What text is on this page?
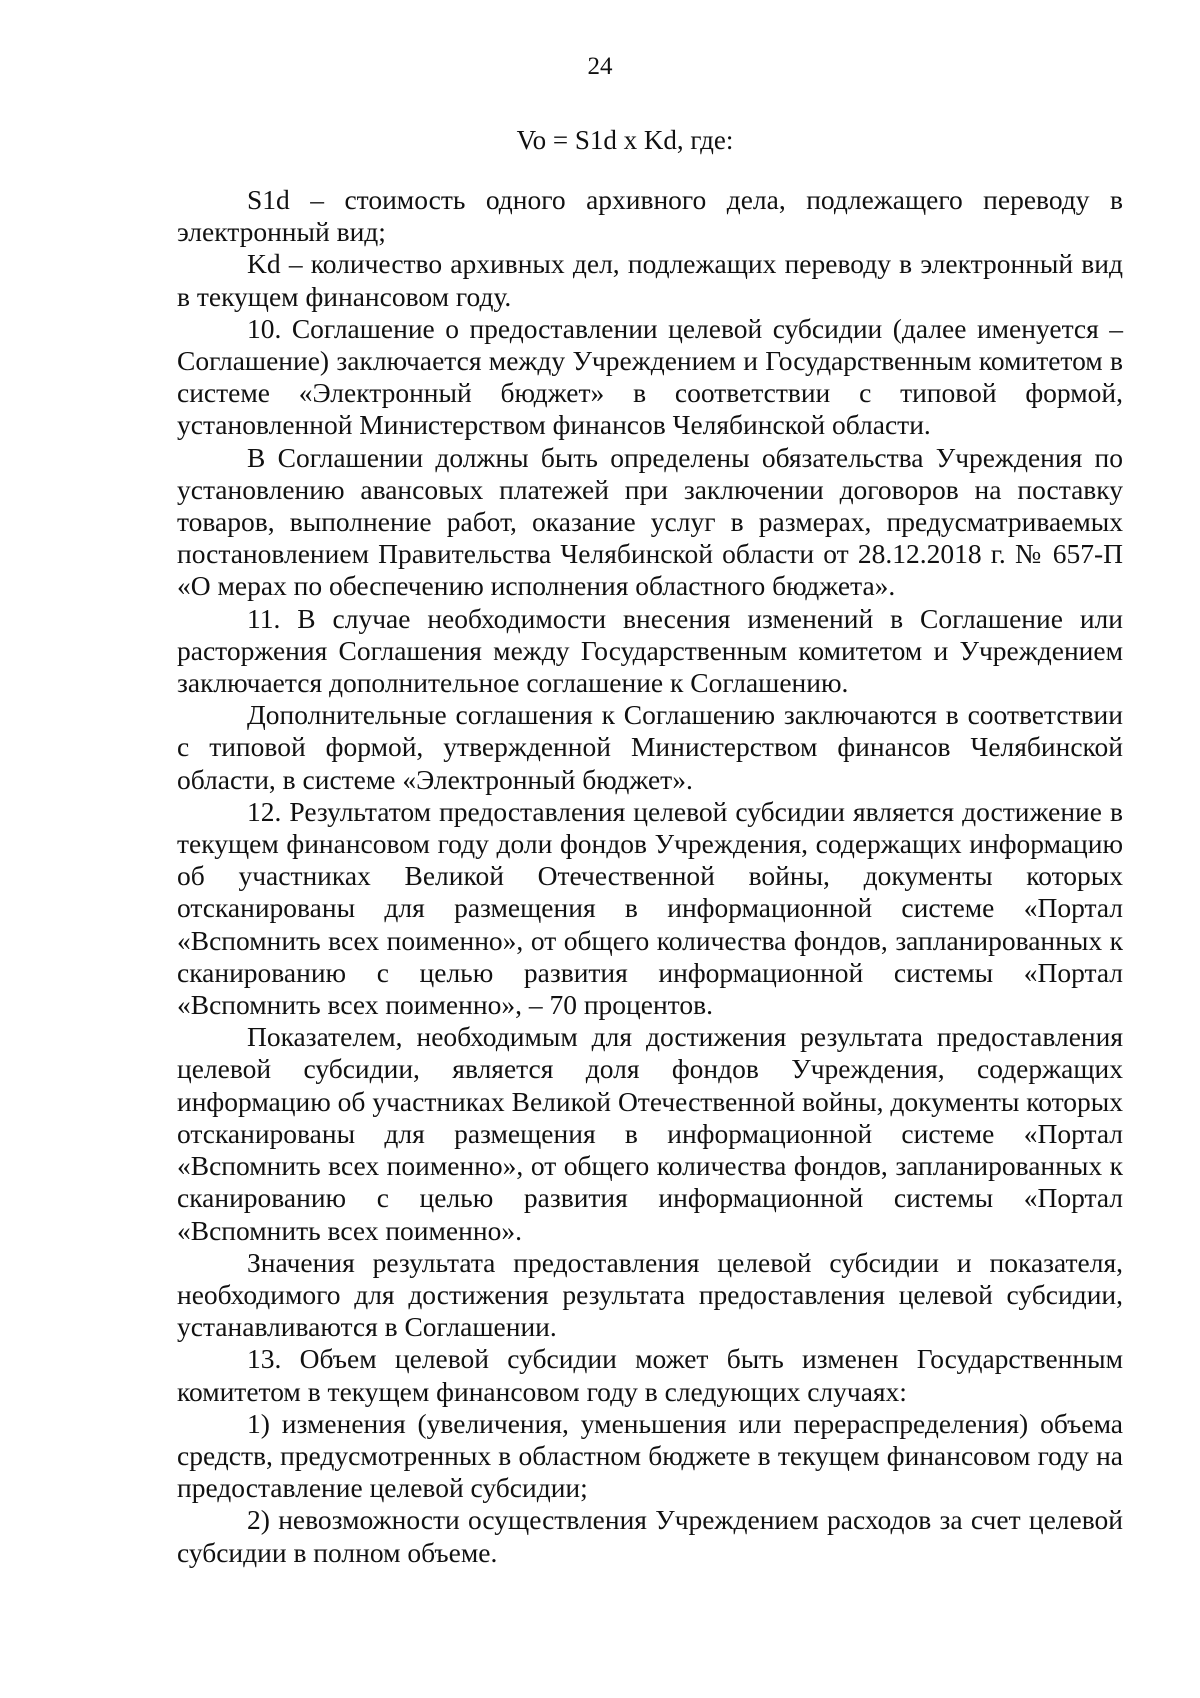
24
Vo = S1d x Kd, где:

S1d – стоимость одного архивного дела, подлежащего переводу в электронный вид;

Kd – количество архивных дел, подлежащих переводу в электронный вид в текущем финансовом году.

10. Соглашение о предоставлении целевой субсидии (далее именуется – Соглашение) заключается между Учреждением и Государственным комитетом в системе «Электронный бюджет» в соответствии с типовой формой, установленной Министерством финансов Челябинской области.

В Соглашении должны быть определены обязательства Учреждения по установлению авансовых платежей при заключении договоров на поставку товаров, выполнение работ, оказание услуг в размерах, предусматриваемых постановлением Правительства Челябинской области от 28.12.2018 г. № 657-П «О мерах по обеспечению исполнения областного бюджета».

11. В случае необходимости внесения изменений в Соглашение или расторжения Соглашения между Государственным комитетом и Учреждением заключается дополнительное соглашение к Соглашению.

Дополнительные соглашения к Соглашению заключаются в соответствии с типовой формой, утвержденной Министерством финансов Челябинской области, в системе «Электронный бюджет».

12. Результатом предоставления целевой субсидии является достижение в текущем финансовом году доли фондов Учреждения, содержащих информацию об участниках Великой Отечественной войны, документы которых отсканированы для размещения в информационной системе «Портал «Вспомнить всех поименно», от общего количества фондов, запланированных к сканированию с целью развития информационной системы «Портал «Вспомнить всех поименно», – 70 процентов.

Показателем, необходимым для достижения результата предоставления целевой субсидии, является доля фондов Учреждения, содержащих информацию об участниках Великой Отечественной войны, документы которых отсканированы для размещения в информационной системе «Портал «Вспомнить всех поименно», от общего количества фондов, запланированных к сканированию с целью развития информационной системы «Портал «Вспомнить всех поименно».

Значения результата предоставления целевой субсидии и показателя, необходимого для достижения результата предоставления целевой субсидии, устанавливаются в Соглашении.

13. Объем целевой субсидии может быть изменен Государственным комитетом в текущем финансовом году в следующих случаях:

1) изменения (увеличения, уменьшения или перераспределения) объема средств, предусмотренных в областном бюджете в текущем финансовом году на предоставление целевой субсидии;

2) невозможности осуществления Учреждением расходов за счет целевой субсидии в полном объеме.
